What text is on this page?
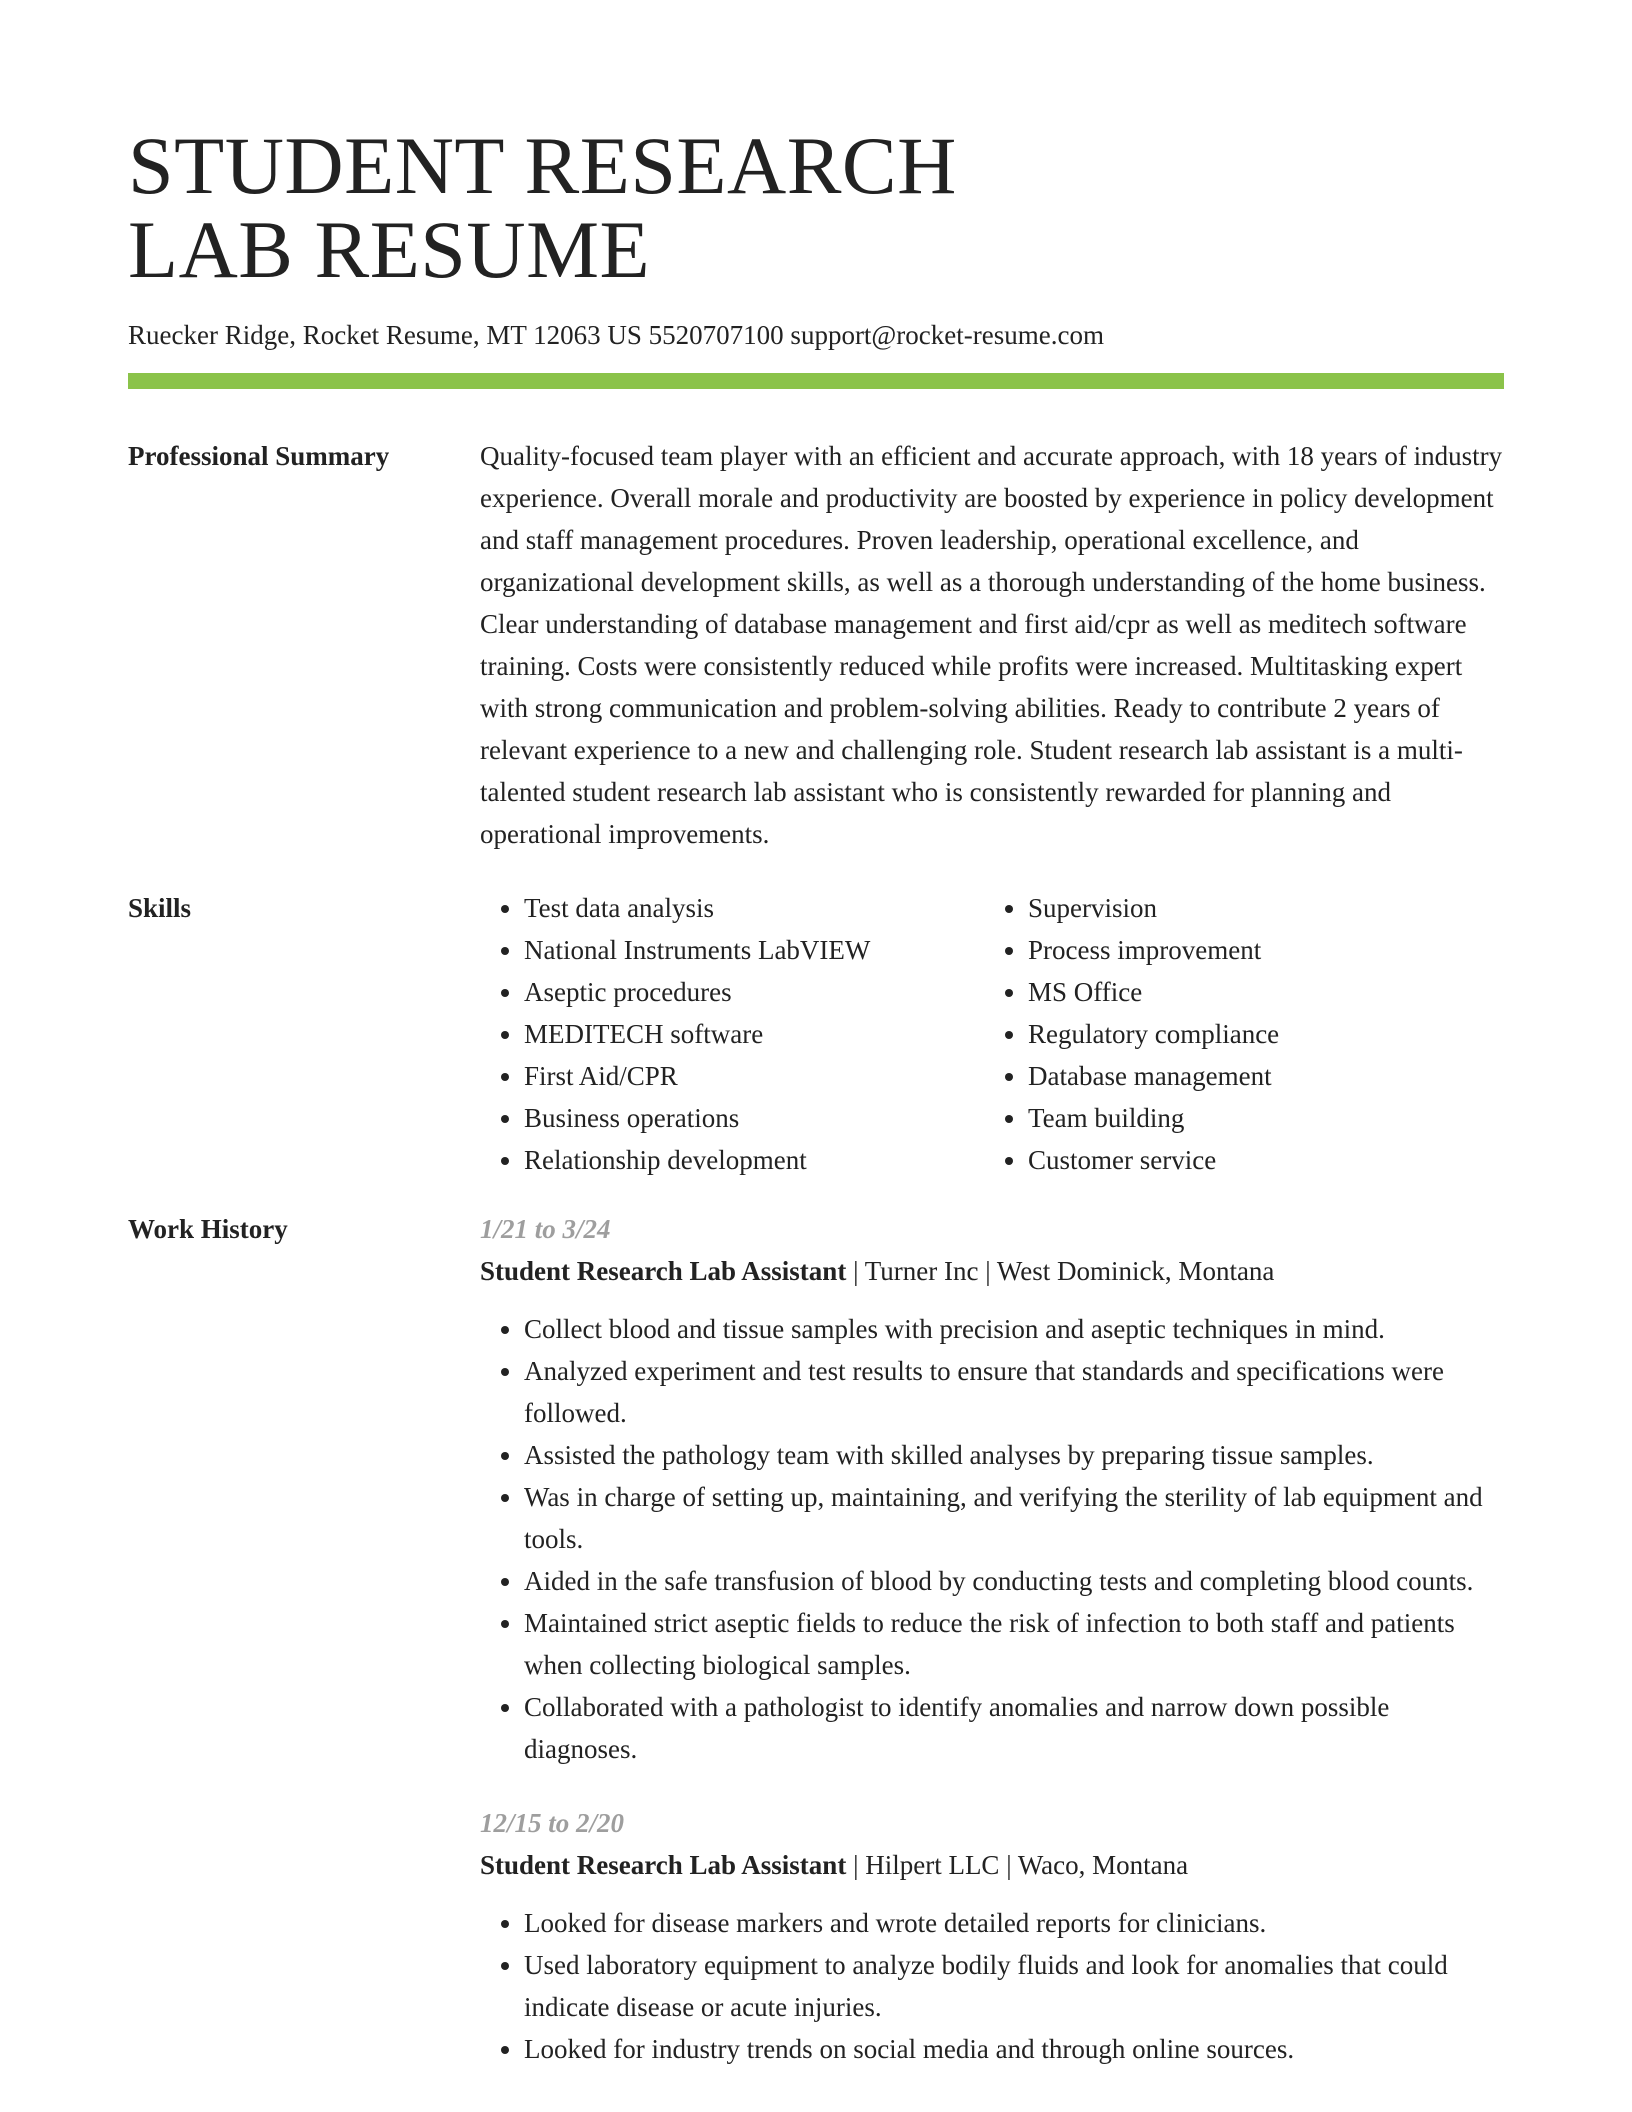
STUDENT RESEARCH
LAB RESUME
Ruecker Ridge, Rocket Resume, MT 12063 US 5520707100 support@rocket-resume.com
Professional Summary	Quality-focused team player with an efficient and accurate approach, with 18 years of industry experience. Overall morale and productivity are boosted by experience in policy development and staff management procedures. Proven leadership, operational excellence, and organizational development skills, as well as a thorough understanding of the home business. Clear understanding of database management and first aid/cpr as well as meditech software training. Costs were consistently reduced while profits were increased. Multitasking expert with strong communication and problem-solving abilities. Ready to contribute 2 years of relevant experience to a new and challenging role. Student research lab assistant is a multi-talented student research lab assistant who is consistently rewarded for planning and operational improvements.

Skills
•	Test data analysis
• National Instruments LabVIEW
• Aseptic procedures
• MEDITECH software
• First Aid/CPR
• Business operations
• Relationship development
• Supervision
• Process improvement
• MS Office
• Regulatory compliance
• Database management
• Team building
• Customer service
Work History	1/21 to 3/24
Student Research Lab Assistant | Turner Inc | West Dominick, Montana
• Collect blood and tissue samples with precision and aseptic techniques in mind.
• Analyzed experiment and test results to ensure that standards and specifications were followed.
• Assisted the pathology team with skilled analyses by preparing tissue samples.
• Was in charge of setting up, maintaining, and verifying the sterility of lab equipment and tools.
• Aided in the safe transfusion of blood by conducting tests and completing blood counts.
• Maintained strict aseptic fields to reduce the risk of infection to both staff and patients when collecting biological samples.
• Collaborated with a pathologist to identify anomalies and narrow down possible diagnoses.
12/15 to 2/20
Student Research Lab Assistant | Hilpert LLC | Waco, Montana
• Looked for disease markers and wrote detailed reports for clinicians.
• Used laboratory equipment to analyze bodily fluids and look for anomalies that could indicate disease or acute injuries.
• Looked for industry trends on social media and through online sources.
